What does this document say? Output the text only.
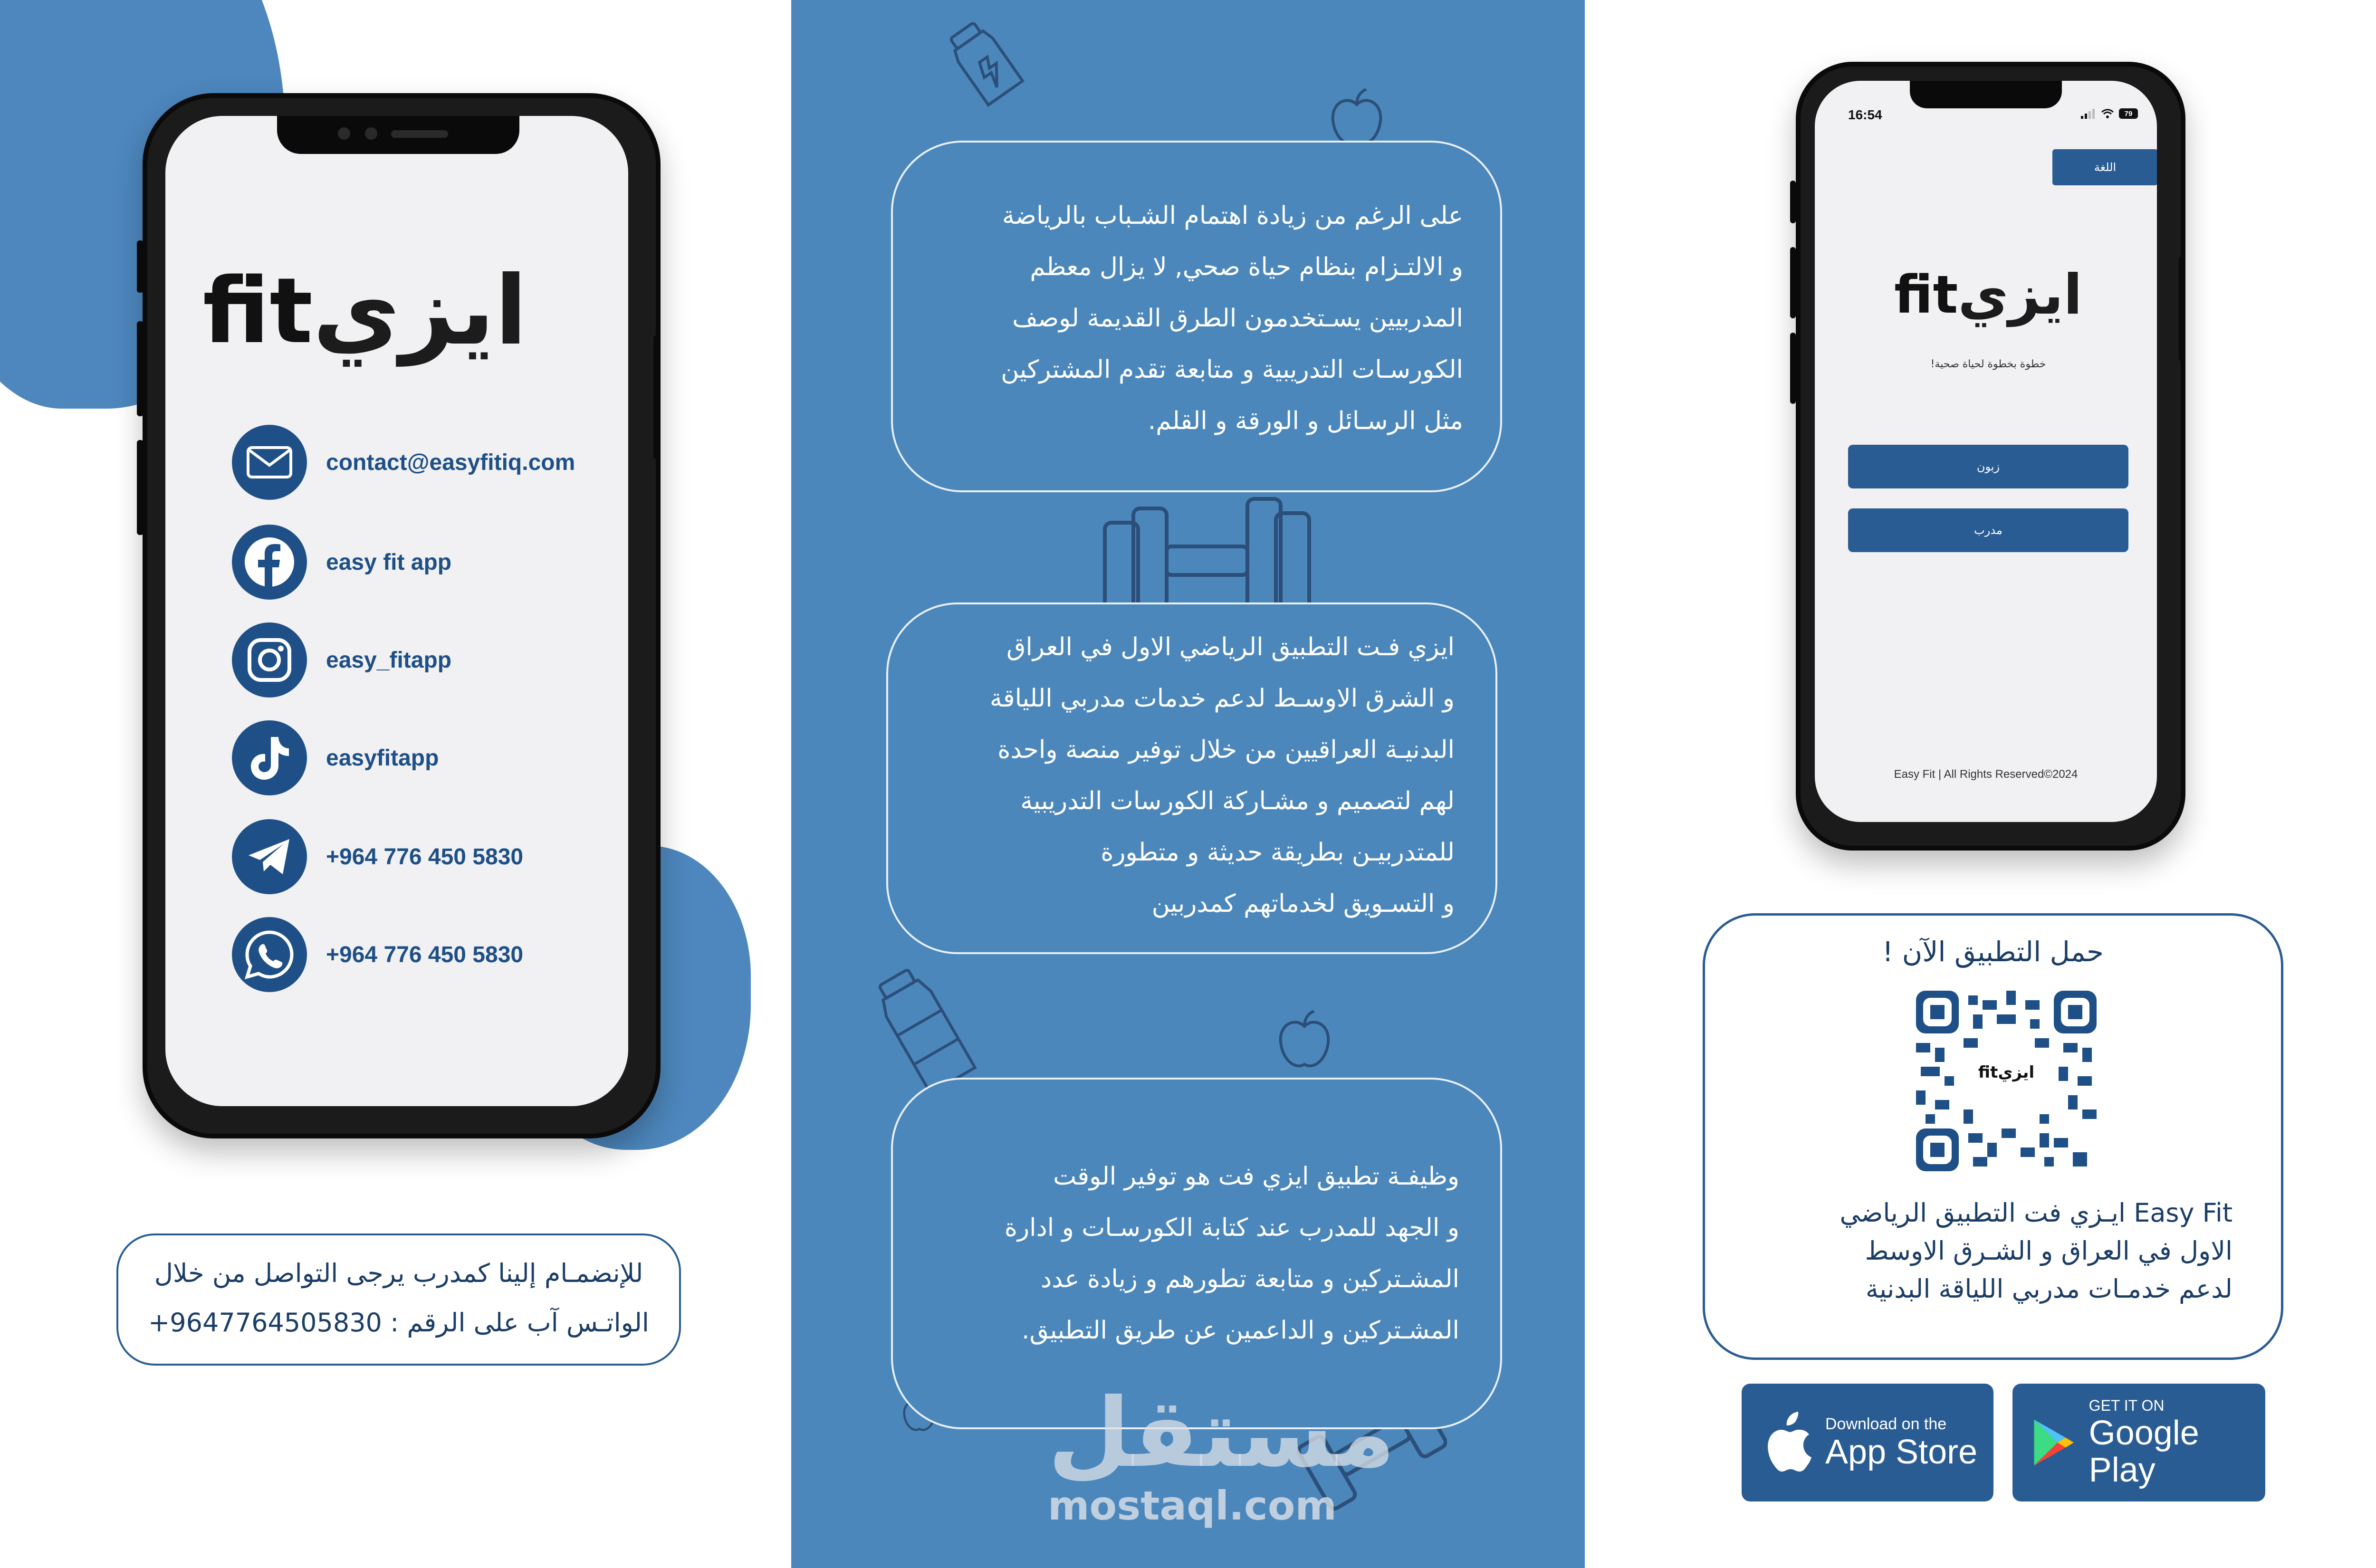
fit ايزي
contact@easyfitiq.com
easy fit app
easy_fitapp
easyfitapp
+964 776 450 5830
+964 776 450 5830
للإنضمـام إلينا كمدرب يرجى التواصل من خلال
الواتـس آب على الرقم : 9647764505830+
على الرغم من زيادة اهتمام الشـباب بالرياضة
و الالتـزام بنظام حياة صحي, لا يزال معظم
المدربيين يسـتخدمون الطرق القديمة لوصف
الكورسـات التدريبية و متابعة تقدم المشتركين
مثل الرسـائل و الورقة و القلم.
ايزي فـت التطبيق الرياضي الاول في العراق
و الشرق الاوسـط لدعم خدمات مدربي اللياقة
البدنيـة العراقيين من خلال توفير منصة واحدة
لهم لتصميم و مشـاركة الكورسات التدريبية
للمتدربيـن بطريقة حديثة و متطورة
و التسـويق لخدماتهم كمدربين
وظيفـة تطبيق ايزي فت هو توفير الوقت
و الجهد للمدرب عند كتابة الكورسـات و ادارة
المشـتركين و متابعة تطورهم و زيادة عدد
المشـتركين و الداعمين عن طريق التطبيق.
مستقل
mostaql.com
16:54	79
اللغة
fit ايزي
خطوة بخطوة لحياة صحية!
زبون
مدرب
Easy Fit | All Rights Reserved©2024
حمل التطبيق الآن !
fitايزي
Easy Fit ايـزي فت التطبيق الرياضي
الاول في العراق و الشـرق الاوسط
لدعم خدمـات مدربي اللياقة البدنية
Download on the
App Store
GET IT ON
Google Play
